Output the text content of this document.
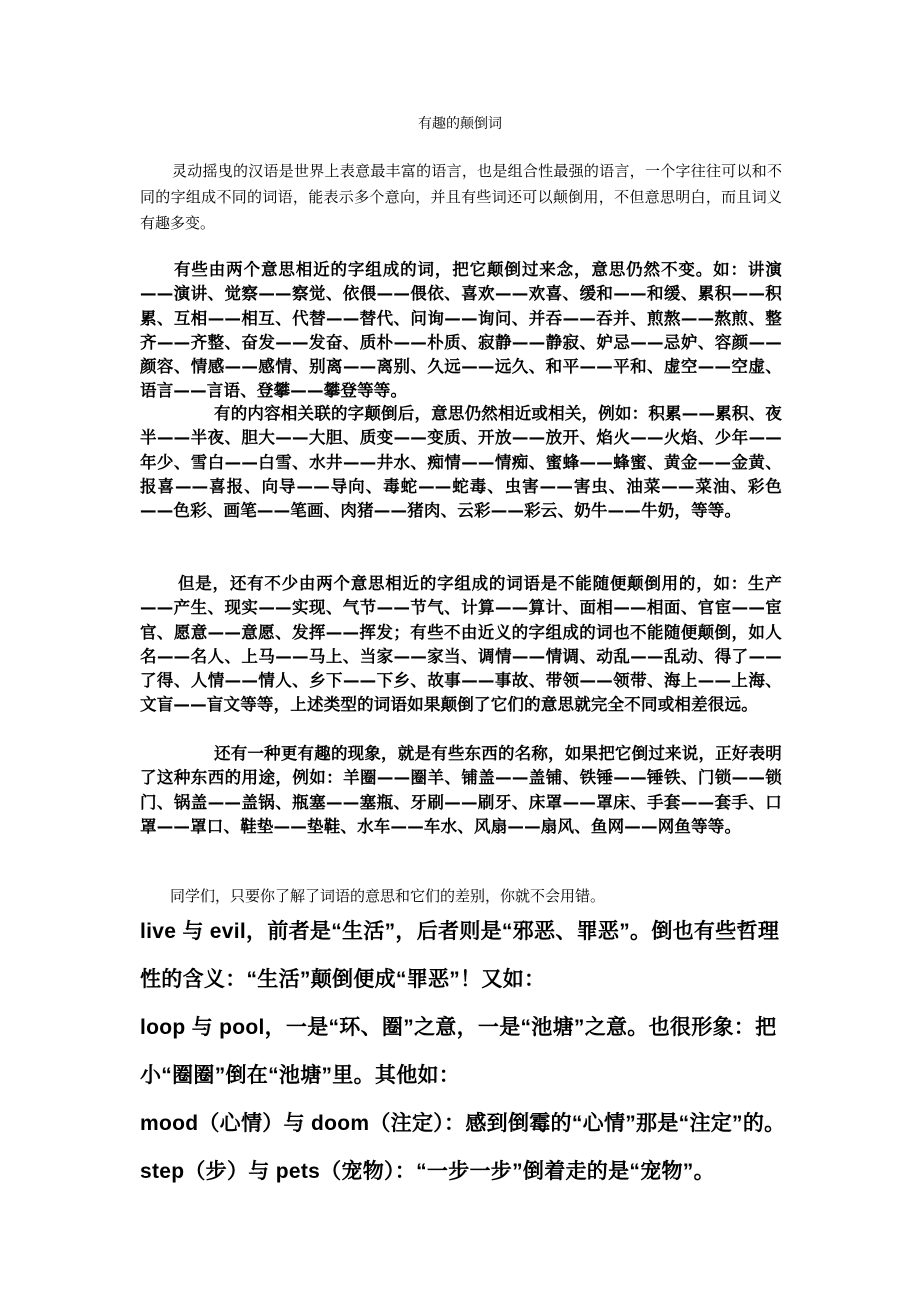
有趣的颠倒词

灵动摇曳的汉语是世界上表意最丰富的语言，也是组合性最强的语言，一个字往往可以和不同的字组成不同的词语，能表示多个意向，并且有些词还可以颠倒用，不但意思明白，而且词义有趣多变。

有些由两个意思相近的字组成的词，把它颠倒过来念，意思仍然不变。如：讲演——演讲、觉察——察觉、依偎——偎依、喜欢——欢喜、缓和——和缓、累积——积累、互相——相互、代替——替代、问询——询问、并吞——吞并、煎熬——熬煎、整齐——齐整、奋发——发奋、质朴——朴质、寂静——静寂、妒忌——忌妒、容颜——颜容、情感——感情、别离——离别、久远——远久、和平——平和、虚空——空虚、语言——言语、登攀——攀登等等。

有的内容相关联的字颠倒后，意思仍然相近或相关，例如：积累——累积、夜半——半夜、胆大——大胆、质变——变质、开放——放开、焰火——火焰、少年——年少、雪白——白雪、水井——井水、痴情——情痴、蜜蜂——蜂蜜、黄金——金黄、报喜——喜报、向导——导向、毒蛇——蛇毒、虫害——害虫、油菜——菜油、彩色——色彩、画笔——笔画、肉猪——猪肉、云彩——彩云、奶牛——牛奶，等等。

但是，还有不少由两个意思相近的字组成的词语是不能随便颠倒用的，如：生产——产生、现实——实现、气节——节气、计算——算计、面相——相面、官宦——宦官、愿意——意愿、发挥——挥发；有些不由近义的字组成的词也不能随便颠倒，如人名——名人、上马——马上、当家——家当、调情——情调、动乱——乱动、得了——了得、人情——情人、乡下——下乡、故事——事故、带领——领带、海上——上海、文盲——盲文等等，上述类型的词语如果颠倒了它们的意思就完全不同或相差很远。

还有一种更有趣的现象，就是有些东西的名称，如果把它倒过来说，正好表明了这种东西的用途，例如：羊圈——圈羊、铺盖——盖铺、铁锤——锤铁、门锁——锁门、锅盖——盖锅、瓶塞——塞瓶、牙刷——刷牙、床罩——罩床、手套——套手、口罩——罩口、鞋垫——垫鞋、水车——车水、风扇——扇风、鱼网——网鱼等等。

同学们，只要你了解了词语的意思和它们的差别，你就不会用错。

live 与 evil，前者是“生活”，后者则是“邪恶、罪恶”。倒也有些哲理

性的含义：“生活”颠倒便成“罪恶”！又如：

loop 与 pool，一是“环、圈”之意，一是“池塘”之意。也很形象：把

小“圈圈”倒在“池塘”里。其他如：

mood（心情）与 doom（注定）：感到倒霉的“心情”那是“注定”的。

step（步）与 pets（宠物）：“一步一步”倒着走的是“宠物”。
